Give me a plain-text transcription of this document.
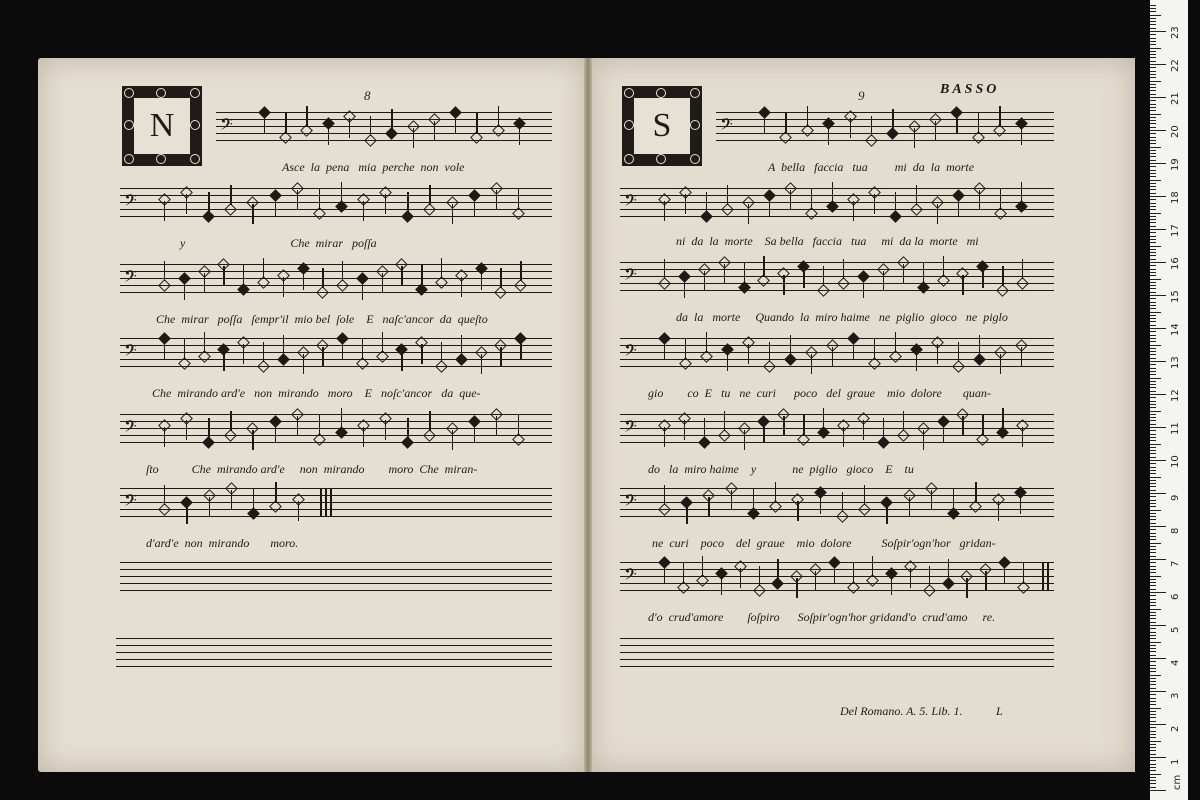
N
8
S
9	BASSO
Asce  la  pena   mia  perche  non  vole
y                                   Che  mirar   poſſa
Che  mirar   poſſa   ſempr'il  mio bel  ſole    E   naſc'ancor  da  queſto
Che  mirando ard'e   non  mirando   moro    E   noſc'ancor   da  que-
ſto           Che  mirando ard'e     non  mirando        moro  Che  miran-
d'ard'e  non  mirando       moro.
A  bella   faccia   tua         mi  da  la  morte
ni  da  la  morte    Sa bella   faccia   tua     mi  da la  morte   mi
da  la   morte     Quando  la  miro haime   ne  piglio  gioco   ne  piglo
gio        co  E   tu   ne  curi      poco   del  graue    mio  dolore       quan-
do   la  miro haime    y            ne  piglio   gioco    E    tu
ne  curi    poco    del  graue    mio  dolore          Soſpir'ogn'hor   gridan-
d'o  crud'amore        ſoſpiro      Soſpir'ogn'hor gridand'o  crud'amo     re.
Del Romano. A. 5. Lib. 1.	L
cm
1
2
3
4
5
6
7
8
9
10
11
12
13
14
15
16
17
18
19
20
21
22
23
𝄢
𝄢
𝄢
𝄢
𝄢
𝄢
𝄢
𝄢
𝄢
𝄢
𝄢
𝄢
𝄢
